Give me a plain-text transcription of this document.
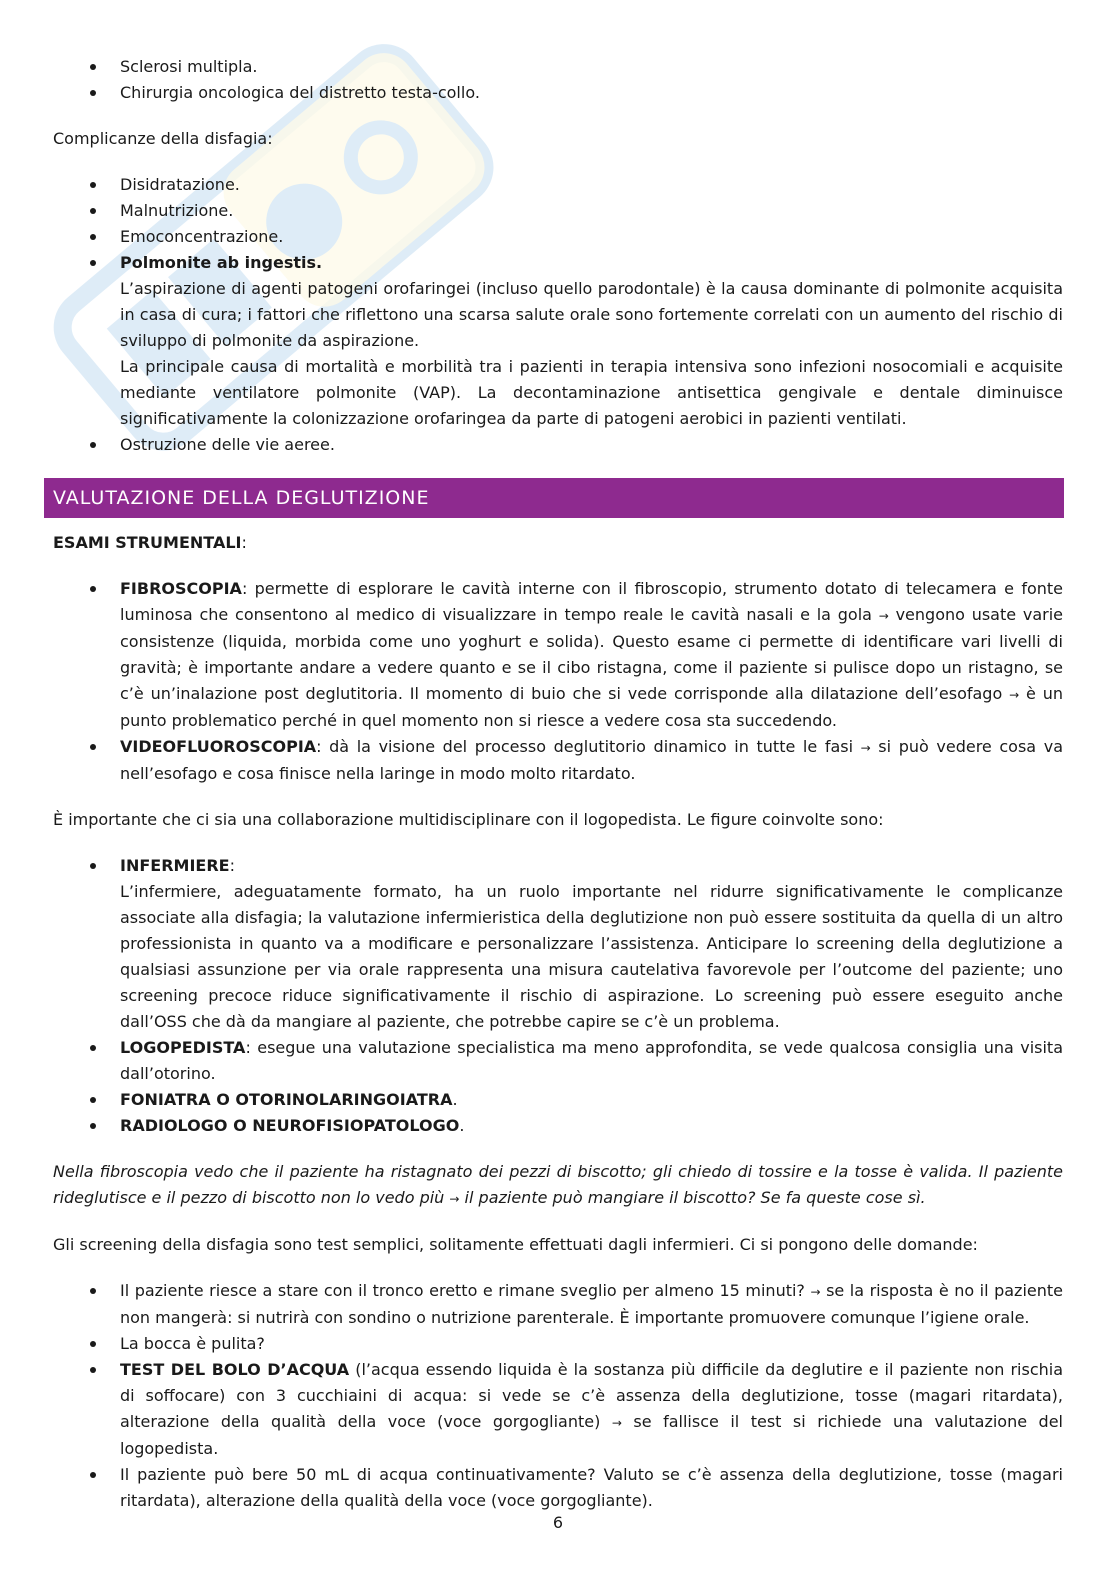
Sclerosi multipla.
Chirurgia oncologica del distretto testa-collo.

Complicanze della disfagia:

Disidratazione.
Malnutrizione.
Emoconcentrazione.
Polmonite ab ingestis.
L’aspirazione di agenti patogeni orofaringei (incluso quello parodontale) è la causa dominante di polmonite acquisita in casa di cura; i fattori che riflettono una scarsa salute orale sono fortemente correlati con un aumento del rischio di sviluppo di polmonite da aspirazione.
La principale causa di mortalità e morbilità tra i pazienti in terapia intensiva sono infezioni nosocomiali e acquisite mediante ventilatore polmonite (VAP). La decontaminazione antisettica gengivale e dentale diminuisce significativamente la colonizzazione orofaringea da parte di patogeni aerobici in pazienti ventilati.
Ostruzione delle vie aeree.
VALUTAZIONE DELLA DEGLUTIZIONE

ESAMI STRUMENTALI:

FIBROSCOPIA: permette di esplorare le cavità interne con il fibroscopio, strumento dotato di telecamera e fonte luminosa che consentono al medico di visualizzare in tempo reale le cavità nasali e la gola → vengono usate varie consistenze (liquida, morbida come uno yoghurt e solida). Questo esame ci permette di identificare vari livelli di gravità; è importante andare a vedere quanto e se il cibo ristagna, come il paziente si pulisce dopo un ristagno, se c’è un’inalazione post deglutitoria. Il momento di buio che si vede corrisponde alla dilatazione dell’esofago → è un punto problematico perché in quel momento non si riesce a vedere cosa sta succedendo.
VIDEOFLUOROSCOPIA: dà la visione del processo deglutitorio dinamico in tutte le fasi → si può vedere cosa va nell’esofago e cosa finisce nella laringe in modo molto ritardato.

È importante che ci sia una collaborazione multidisciplinare con il logopedista. Le figure coinvolte sono:

INFERMIERE:
L’infermiere, adeguatamente formato, ha un ruolo importante nel ridurre significativamente le complicanze associate alla disfagia; la valutazione infermieristica della deglutizione non può essere sostituita da quella di un altro professionista in quanto va a modificare e personalizzare l’assistenza. Anticipare lo screening della deglutizione a qualsiasi assunzione per via orale rappresenta una misura cautelativa favorevole per l’outcome del paziente; uno screening precoce riduce significativamente il rischio di aspirazione. Lo screening può essere eseguito anche dall’OSS che dà da mangiare al paziente, che potrebbe capire se c’è un problema.
LOGOPEDISTA: esegue una valutazione specialistica ma meno approfondita, se vede qualcosa consiglia una visita dall’otorino.
FONIATRA O OTORINOLARINGOIATRA.
RADIOLOGO O NEUROFISIOPATOLOGO.

Nella fibroscopia vedo che il paziente ha ristagnato dei pezzi di biscotto; gli chiedo di tossire e la tosse è valida. Il paziente rideglutisce e il pezzo di biscotto non lo vedo più → il paziente può mangiare il biscotto? Se fa queste cose sì.

Gli screening della disfagia sono test semplici, solitamente effettuati dagli infermieri. Ci si pongono delle domande:

Il paziente riesce a stare con il tronco eretto e rimane sveglio per almeno 15 minuti? → se la risposta è no il paziente non mangerà: si nutrirà con sondino o nutrizione parenterale. È importante promuovere comunque l’igiene orale.
La bocca è pulita?
TEST DEL BOLO D’ACQUA (l’acqua essendo liquida è la sostanza più difficile da deglutire e il paziente non rischia di soffocare) con 3 cucchiaini di acqua: si vede se c’è assenza della deglutizione, tosse (magari ritardata), alterazione della qualità della voce (voce gorgogliante) → se fallisce il test si richiede una valutazione del logopedista.
Il paziente può bere 50 mL di acqua continuativamente? Valuto se c’è assenza della deglutizione, tosse (magari ritardata), alterazione della qualità della voce (voce gorgogliante).
6
